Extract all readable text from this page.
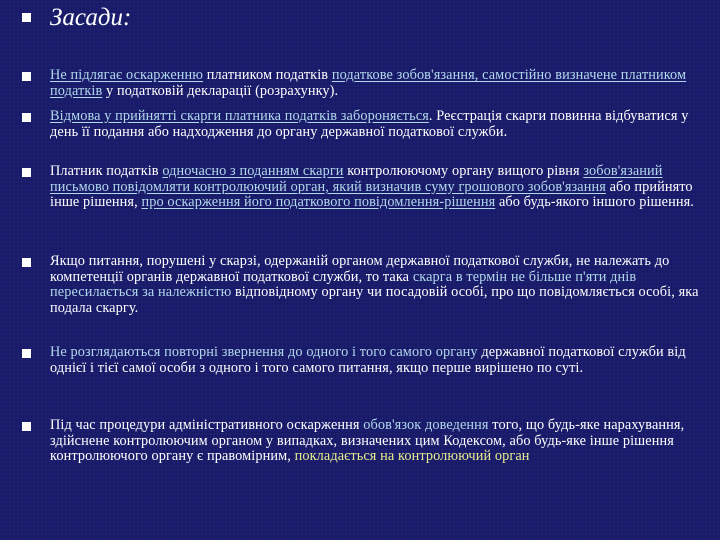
Засади:
Не підлягає оскарженню платником податків податкове зобов'язання, самостійно визначене платником податків у податковій декларації (розрахунку).
Відмова у прийнятті скарги платника податків забороняється. Реєстрація скарги повинна відбуватися у день її подання або надходження до органу державної податкової служби.
Платник податків одночасно з поданням скарги контролюючому органу вищого рівня зобов'язаний письмово повідомляти контролюючий орган, який визначив суму грошового зобов'язання або прийнято інше рішення, про оскарження його податкового повідомлення-рішення або будь-якого іншого рішення.
Якщо питання, порушені у скарзі, одержаній органом державної податкової служби, не належать до компетенції органів державної податкової служби, то така скарга в термін не більше п'яти днів пересилається за належністю відповідному органу чи посадовій особі, про що повідомляється особі, яка подала скаргу.
Не розглядаються повторні звернення до одного і того самого органу державної податкової служби від однієї і тієї самої особи з одного і того самого питання, якщо перше вирішено по суті.
Під час процедури адміністративного оскарження обов'язок доведення того, що будь-яке нарахування, здійснене контролюючим органом у випадках, визначених цим Кодексом, або будь-яке інше рішення контролюючого органу є правомірним, покладається на контролюючий орган
